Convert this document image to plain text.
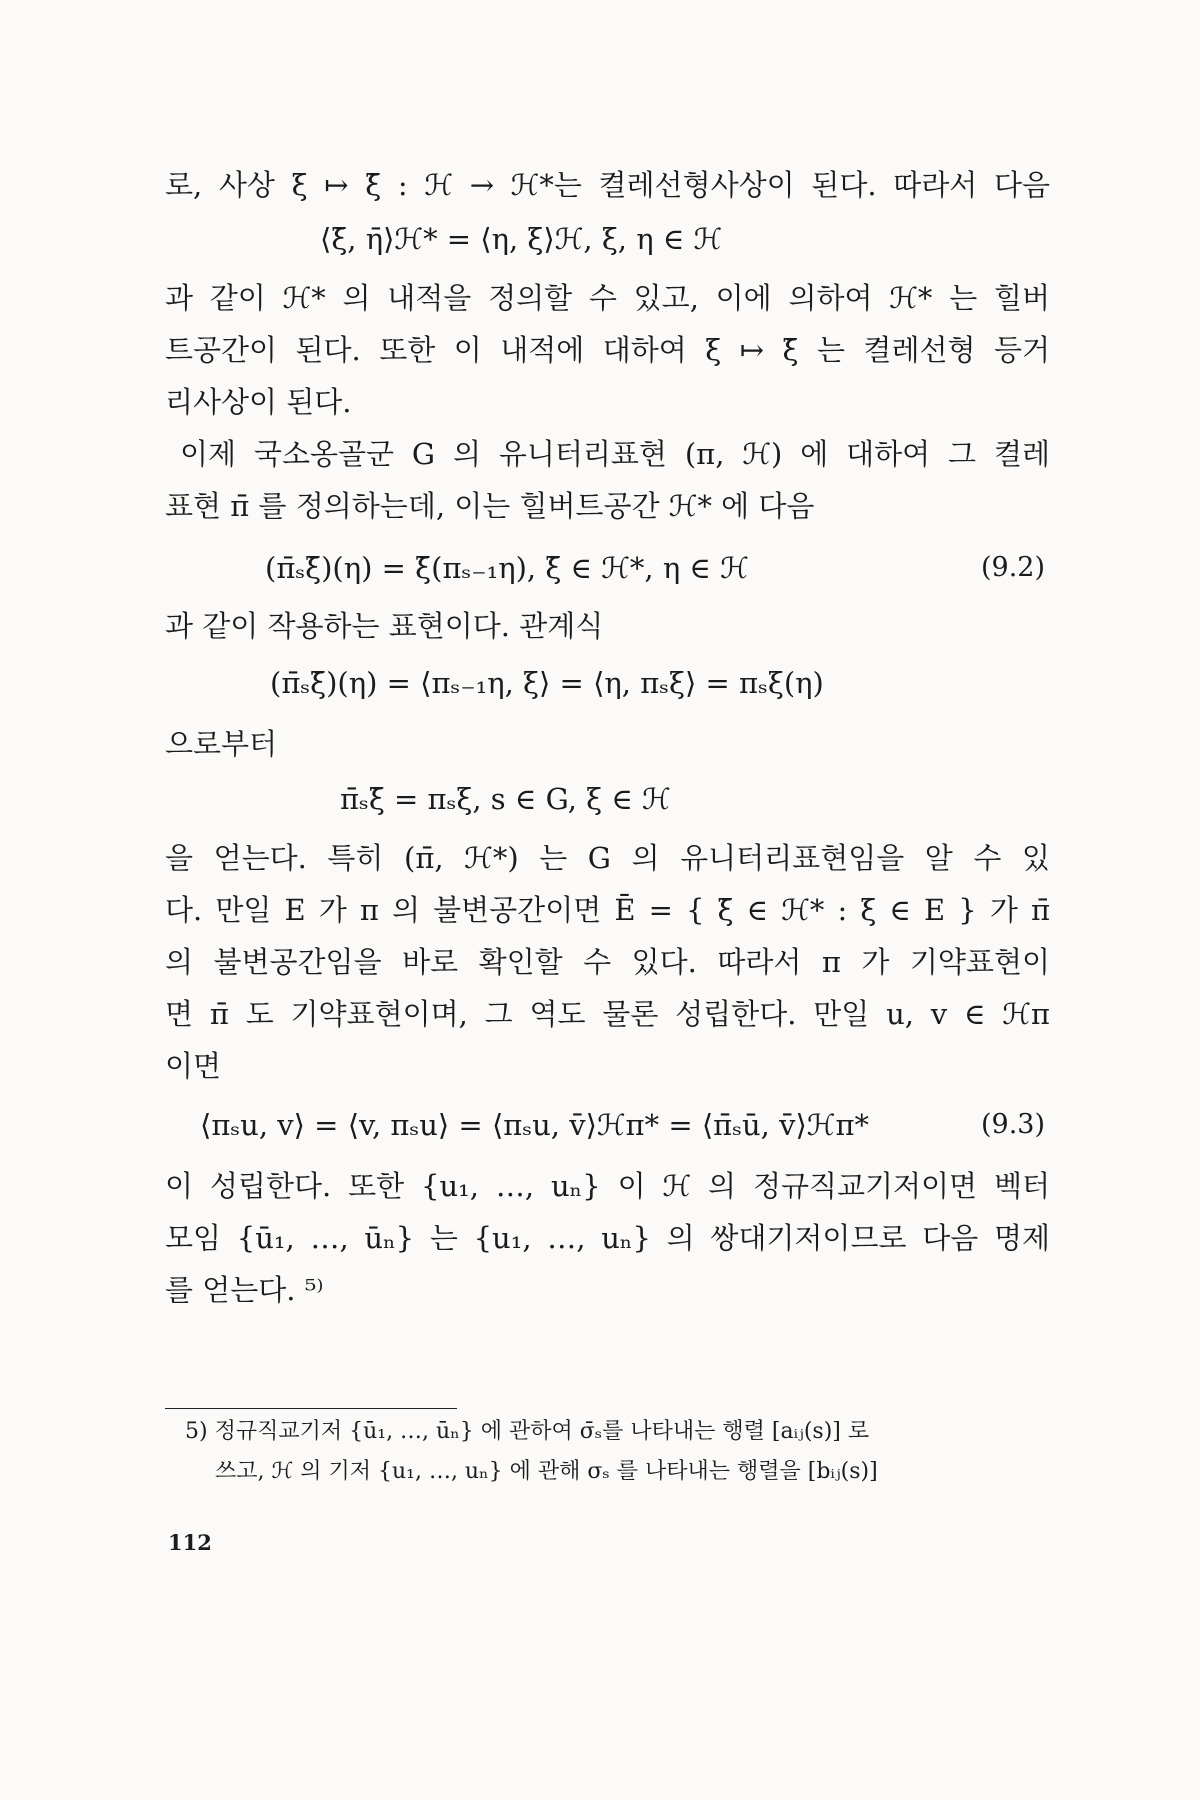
로, 사상 ξ ↦ ξ̄ : ℋ → ℋ*는 켤레선형사상이 된다. 따라서 다음
⟨ξ̄, η̄⟩ℋ* = ⟨η, ξ⟩ℋ, ξ, η ∈ ℋ
과 같이 ℋ* 의 내적을 정의할 수 있고, 이에 의하여 ℋ* 는 힐버
트공간이 된다. 또한 이 내적에 대하여 ξ ↦ ξ̄ 는 켤레선형 등거
리사상이 된다.
이제 국소옹골군 G 의 유니터리표현 (π, ℋ) 에 대하여 그 켤레
표현 π̄ 를 정의하는데, 이는 힐버트공간 ℋ* 에 다음
(π̄ₛξ̄)(η) = ξ̄(πₛ₋₁η), ξ̄ ∈ ℋ*, η ∈ ℋ	(9.2)
과 같이 작용하는 표현이다. 관계식
(π̄ₛξ̄)(η) = ⟨πₛ₋₁η, ξ⟩ = ⟨η, πₛξ⟩ = πₛξ(η)
으로부터
π̄ₛξ̄ = πₛξ, s ∈ G, ξ ∈ ℋ
을 얻는다. 특히 (π̄, ℋ*) 는 G 의 유니터리표현임을 알 수 있
다. 만일 E 가 π 의 불변공간이면 Ē = { ξ̄ ∈ ℋ* : ξ ∈ E } 가 π̄
의 불변공간임을 바로 확인할 수 있다. 따라서 π 가 기약표현이
면 π̄ 도 기약표현이며, 그 역도 물론 성립한다. 만일 u, v ∈ ℋπ
이면
⟨πₛu, v⟩ = ⟨v, πₛu⟩ = ⟨πₛu, v̄⟩ℋπ* = ⟨π̄ₛū, v̄⟩ℋπ*	(9.3)
이 성립한다. 또한 {u₁, …, uₙ} 이 ℋ 의 정규직교기저이면 벡터
모임 {ū₁, …, ūₙ} 는 {u₁, …, uₙ} 의 쌍대기저이므로 다음 명제
를 얻는다. ⁵⁾
5) 정규직교기저 {ū₁, …, ūₙ} 에 관하여 σ̄ₛ를 나타내는 행렬 [aᵢⱼ(s)] 로
쓰고, ℋ 의 기저 {u₁, …, uₙ} 에 관해 σₛ 를 나타내는 행렬을 [bᵢⱼ(s)]
112
